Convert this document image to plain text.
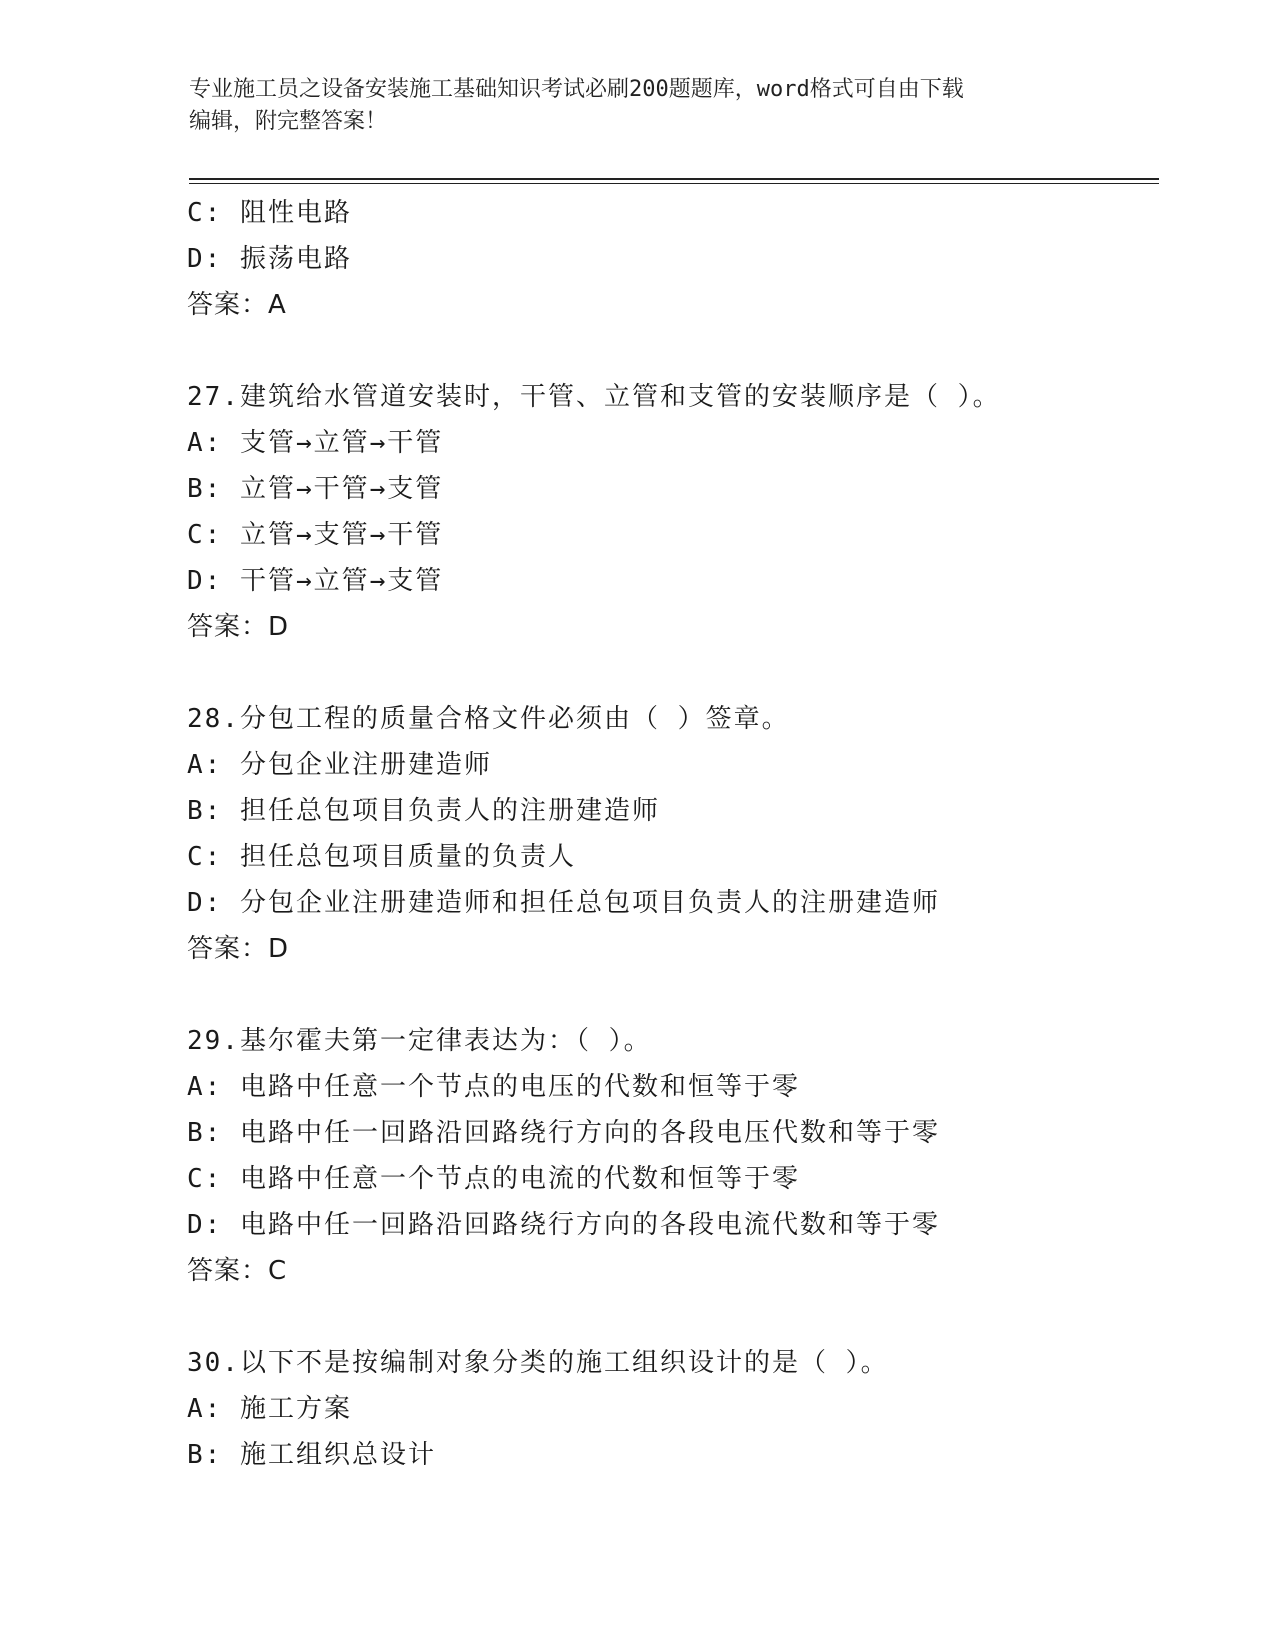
专业施工员之设备安装施工基础知识考试必刷200题题库，word格式可自由下载
编辑，附完整答案！
C: 阻性电路
D: 振荡电路
答案：A
27.建筑给水管道安装时，干管、立管和支管的安装顺序是（ ）。
A: 支管→立管→干管
B: 立管→干管→支管
C: 立管→支管→干管
D: 干管→立管→支管
答案：D
28.分包工程的质量合格文件必须由（ ）签章。
A: 分包企业注册建造师
B: 担任总包项目负责人的注册建造师
C: 担任总包项目质量的负责人
D: 分包企业注册建造师和担任总包项目负责人的注册建造师
答案：D
29.基尔霍夫第一定律表达为：（ ）。
A: 电路中任意一个节点的电压的代数和恒等于零
B: 电路中任一回路沿回路绕行方向的各段电压代数和等于零
C: 电路中任意一个节点的电流的代数和恒等于零
D: 电路中任一回路沿回路绕行方向的各段电流代数和等于零
答案：C
30.以下不是按编制对象分类的施工组织设计的是（ ）。
A: 施工方案
B: 施工组织总设计
